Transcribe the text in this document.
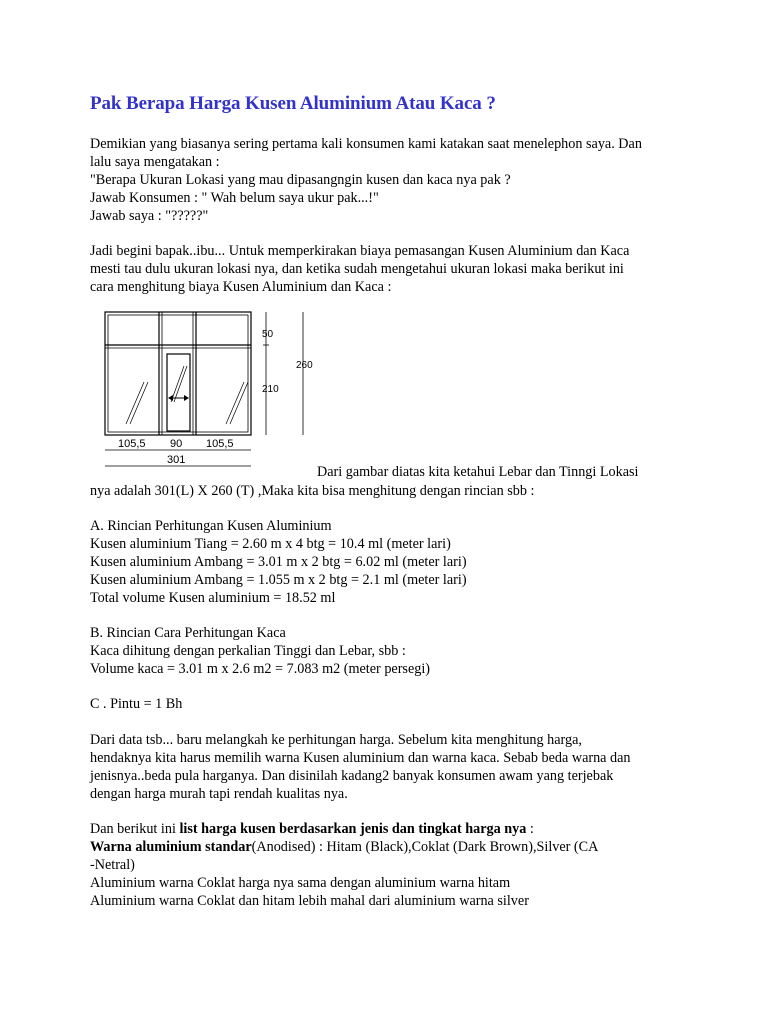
Pak Berapa Harga Kusen Aluminium Atau Kaca ?
Demikian yang biasanya sering pertama kali konsumen kami katakan saat menelephon saya. Dan
lalu saya mengatakan :
"Berapa Ukuran Lokasi yang mau dipasangngin kusen dan kaca nya pak ?
Jawab Konsumen : " Wah belum saya ukur pak...!"
Jawab saya : "?????"
Jadi begini bapak..ibu... Untuk memperkirakan biaya pemasangan Kusen Aluminium dan Kaca
mesti tau dulu ukuran lokasi nya, dan ketika sudah mengetahui ukuran lokasi maka berikut ini
cara menghitung biaya Kusen Aluminium dan Kaca :
Dari gambar diatas kita ketahui Lebar dan Tinngi Lokasi
nya adalah 301(L) X 260 (T) ,Maka kita bisa menghitung dengan rincian sbb :
A. Rincian Perhitungan Kusen Aluminium
Kusen aluminium Tiang = 2.60 m x 4 btg = 10.4 ml (meter lari)
Kusen aluminium Ambang = 3.01 m x 2 btg = 6.02 ml (meter lari)
Kusen aluminium Ambang = 1.055 m x 2 btg = 2.1 ml (meter lari)
Total volume Kusen aluminium = 18.52 ml
B. Rincian Cara Perhitungan Kaca
Kaca dihitung dengan perkalian Tinggi dan Lebar, sbb :
Volume kaca = 3.01 m x 2.6 m2 = 7.083 m2 (meter persegi)
C . Pintu = 1 Bh
Dari data tsb... baru melangkah ke perhitungan harga. Sebelum kita menghitung harga,
hendaknya kita harus memilih warna Kusen aluminium dan warna kaca. Sebab beda warna dan
jenisnya..beda pula harganya. Dan disinilah kadang2 banyak konsumen awam yang terjebak
dengan harga murah tapi rendah kualitas nya.
Dan berikut ini list harga kusen berdasarkan jenis dan tingkat harga nya :
Warna aluminium standar(Anodised) : Hitam (Black),Coklat (Dark Brown),Silver (CA
-Netral)
Aluminium warna Coklat harga nya sama dengan aluminium warna hitam
Aluminium warna Coklat dan hitam lebih mahal dari aluminium warna silver
50
210
260
105,5 90 105,5
301
